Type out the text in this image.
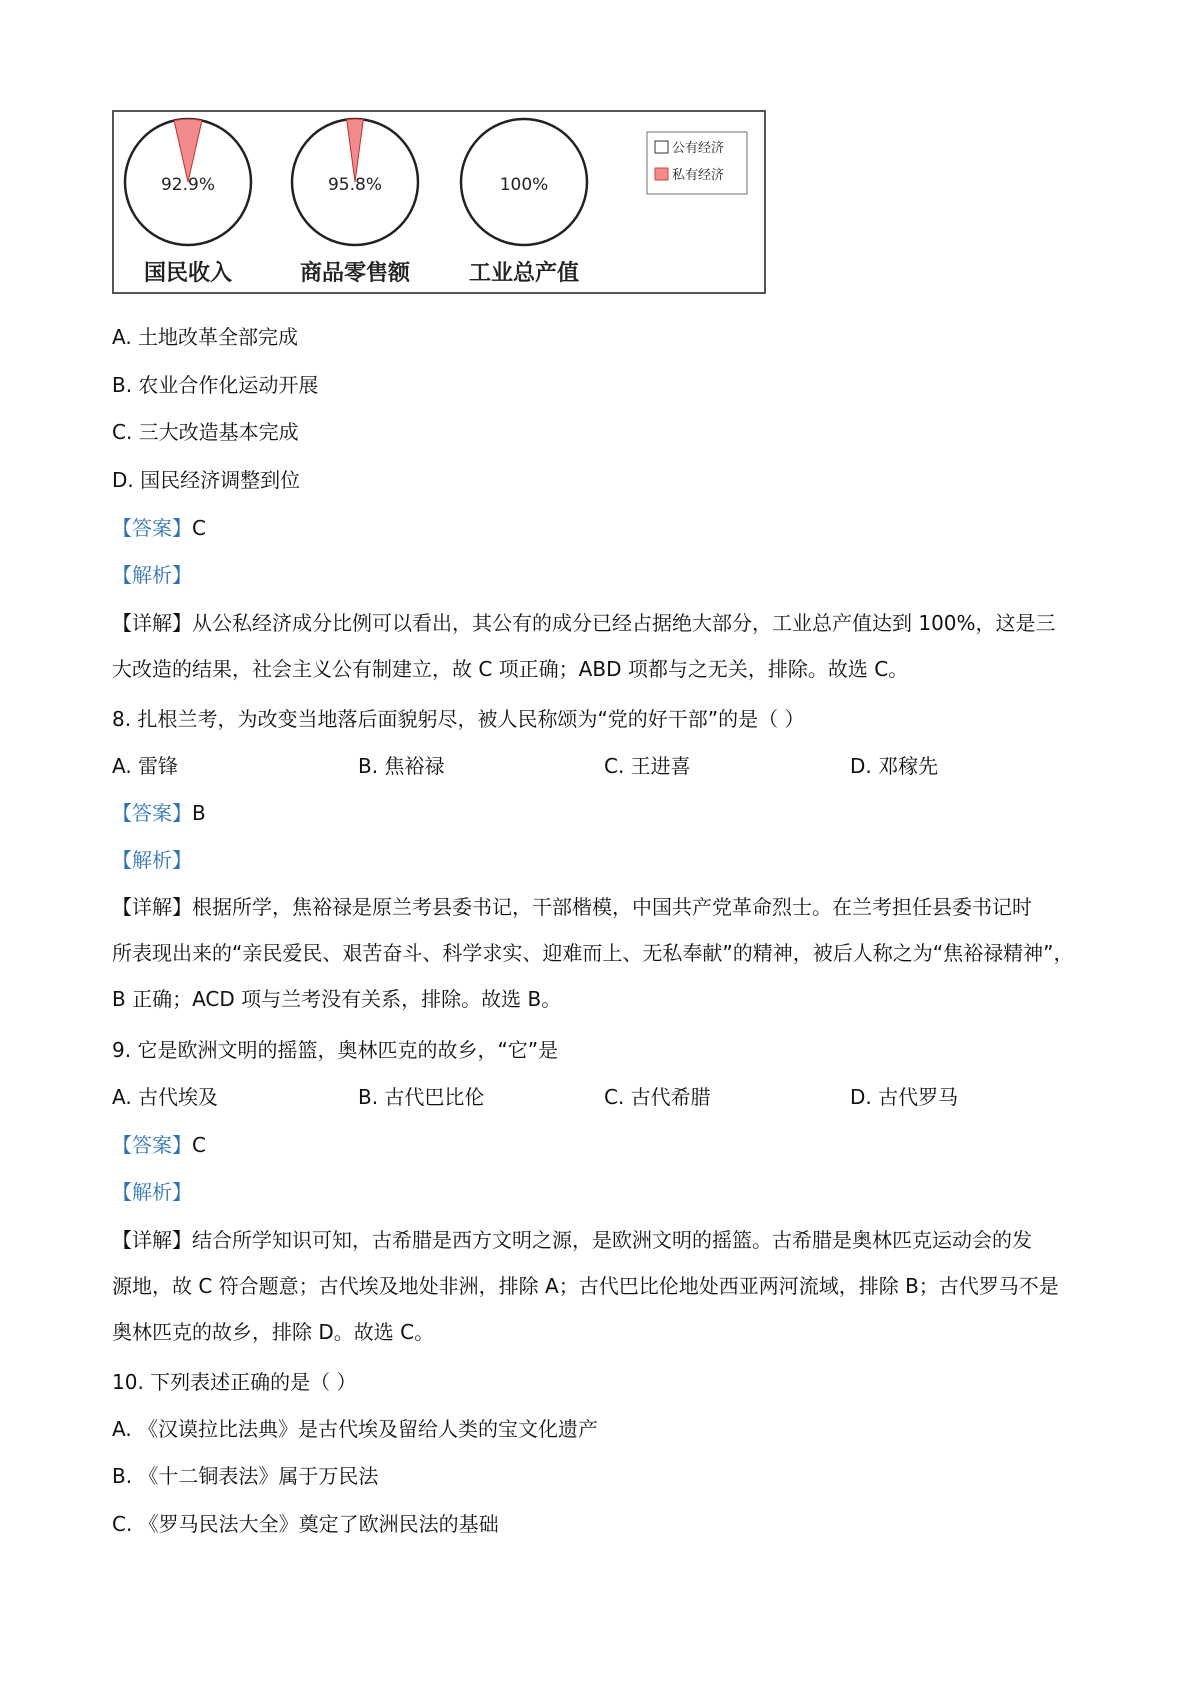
92.9%
国民收入
95.8%
商品零售额
100%
工业总产值
公有经济
私有经济
A. 土地改革全部完成
B. 农业合作化运动开展
C. 三大改造基本完成
D. 国民经济调整到位
【答案】C
【解析】
【详解】从公私经济成分比例可以看出，其公有的成分已经占据绝大部分，工业总产值达到 100%，这是三
大改造的结果，社会主义公有制建立，故 C 项正确；ABD 项都与之无关，排除。故选 C。
8. 扎根兰考，为改变当地落后面貌躬尽，被人民称颂为“党的好干部”的是（ ）
A. 雷锋	B. 焦裕禄	C. 王进喜	D. 邓稼先
【答案】B
【解析】
【详解】根据所学，焦裕禄是原兰考县委书记，干部楷模，中国共产党革命烈士。在兰考担任县委书记时
所表现出来的“亲民爱民、艰苦奋斗、科学求实、迎难而上、无私奉献”的精神，被后人称之为“焦裕禄精神”，
B 正确；ACD 项与兰考没有关系，排除。故选 B。
9. 它是欧洲文明的摇篮，奥林匹克的故乡，“它”是
A. 古代埃及	B. 古代巴比伦	C. 古代希腊	D. 古代罗马
【答案】C
【解析】
【详解】结合所学知识可知，古希腊是西方文明之源，是欧洲文明的摇篮。古希腊是奥林匹克运动会的发
源地，故 C 符合题意；古代埃及地处非洲，排除 A；古代巴比伦地处西亚两河流域，排除 B；古代罗马不是
奥林匹克的故乡，排除 D。故选 C。
10. 下列表述正确的是（ ）
A. 《汉谟拉比法典》是古代埃及留给人类的宝文化遗产
B. 《十二铜表法》属于万民法
C. 《罗马民法大全》奠定了欧洲民法的基础
